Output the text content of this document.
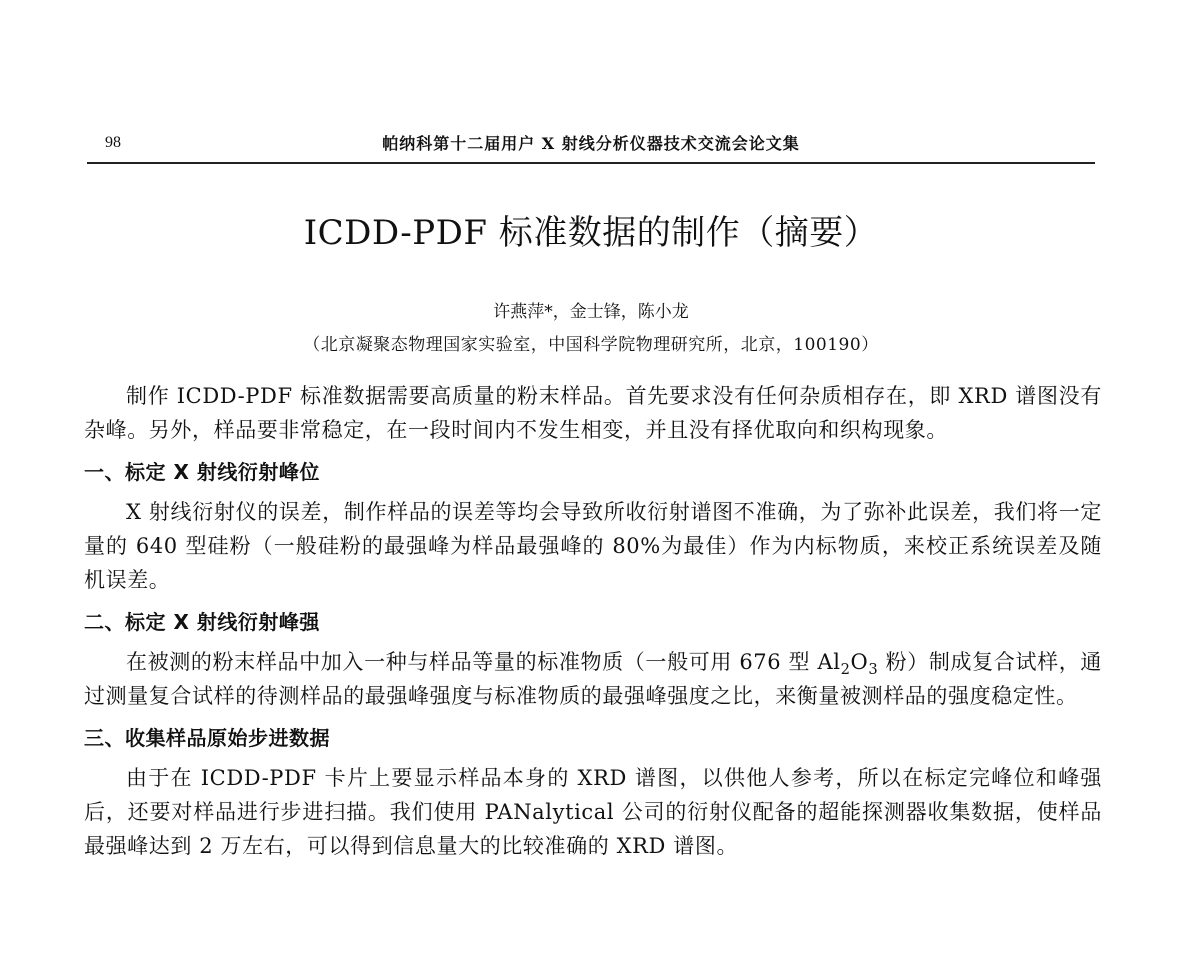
98	帕纳科第十二届用户 X 射线分析仪器技术交流会论文集
ICDD-PDF 标准数据的制作（摘要）
许燕萍*，金士锋，陈小龙
（北京凝聚态物理国家实验室，中国科学院物理研究所，北京，100190）

制作 ICDD-PDF 标准数据需要高质量的粉末样品。首先要求没有任何杂质相存在，即 XRD 谱图没有杂峰。另外，样品要非常稳定，在一段时间内不发生相变，并且没有择优取向和织构现象。

一、标定 X 射线衍射峰位

X 射线衍射仪的误差，制作样品的误差等均会导致所收衍射谱图不准确，为了弥补此误差，我们将一定量的 640 型硅粉（一般硅粉的最强峰为样品最强峰的 80%为最佳）作为内标物质，来校正系统误差及随机误差。

二、标定 X 射线衍射峰强

在被测的粉末样品中加入一种与样品等量的标准物质（一般可用 676 型 $Al_2O_3$ 粉）制成复合试样，通过测量复合试样的待测样品的最强峰强度与标准物质的最强峰强度之比，来衡量被测样品的强度稳定性。

三、收集样品原始步进数据

由于在 ICDD-PDF 卡片上要显示样品本身的 XRD 谱图，以供他人参考，所以在标定完峰位和峰强后，还要对样品进行步进扫描。我们使用 PANalytical 公司的衍射仪配备的超能探测器收集数据，使样品最强峰达到 2 万左右，可以得到信息量大的比较准确的 XRD 谱图。
